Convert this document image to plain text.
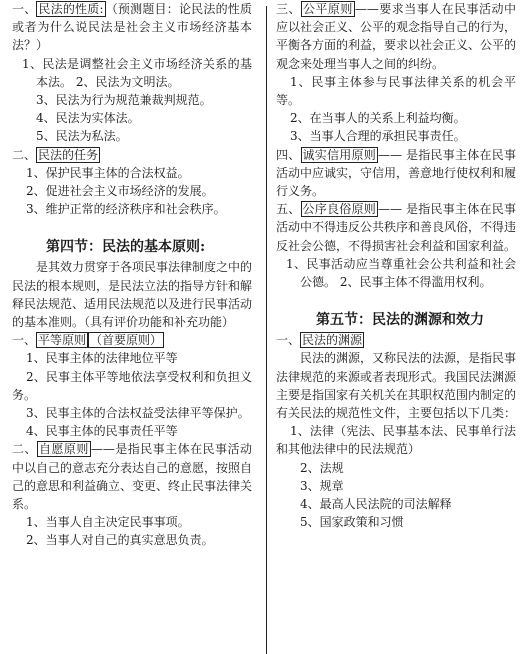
一、 民法的性质: （预测题目：论民法的性质或者为什么说民法是社会主义市场经济基本法？）

1、民法是调整社会主义市场经济关系的基本法。 2、民法为文明法。

3、民法为行为规范兼裁判规范。

4、民法为实体法。

5、民法为私法。

二、 民法的任务

1、保护民事主体的合法权益。

2、促进社会主义市场经济的发展。

3、维护正常的经济秩序和社会秩序。

第四节：民法的基本原则:

是其效力贯穿于各项民事法律制度之中的民法的根本规则，是民法立法的指导方针和解释民法规范、适用民法规范以及进行民事活动的基本准则。（具有评价功能和补充功能）

一、 平等原则 （首要原则）

1、民事主体的法律地位平等

2、民事主体平等地依法享受权利和负担义务。

3、民事主体的合法权益受法律平等保护。

4、民事主体的民事责任平等

二、 自愿原则 ——是指民事主体在民事活动中以自己的意志充分表达自己的意愿，按照自己的意思和利益确立、变更、终止民事法律关系。

1、当事人自主决定民事事项。

2、当事人对自己的真实意思负责。

三、 公平原则 ——要求当事人在民事活动中应以社会正义、公平的观念指导自己的行为，平衡各方面的利益，要求以社会正义、公平的观念来处理当事人之间的纠纷。

1、民事主体参与民事法律关系的机会平等。

2、在当事人的关系上利益均衡。

3、当事人合理的承担民事责任。

四、 诚实信用原则 —— 是指民事主体在民事活动中应诚实，守信用，善意地行使权利和履行义务。

五、 公序良俗原则 —— 是指民事主体在民事活动中不得违反公共秩序和善良风俗，不得违反社会公德，不得损害社会利益和国家利益。

1、民事活动应当尊重社会公共利益和社会公德。 2、民事主体不得滥用权利。

第五节：民法的渊源和效力

一、 民法的渊源

民法的渊源，又称民法的法源，是指民事法律规范的来源或者表现形式。我国民法渊源主要是指国家有关机关在其职权范围内制定的有关民法的规范性文件，主要包括以下几类：

1、法律（宪法、民事基本法、民事单行法和其他法律中的民法规范）

2、法规

3、规章

4、最高人民法院的司法解释

5、国家政策和习惯
